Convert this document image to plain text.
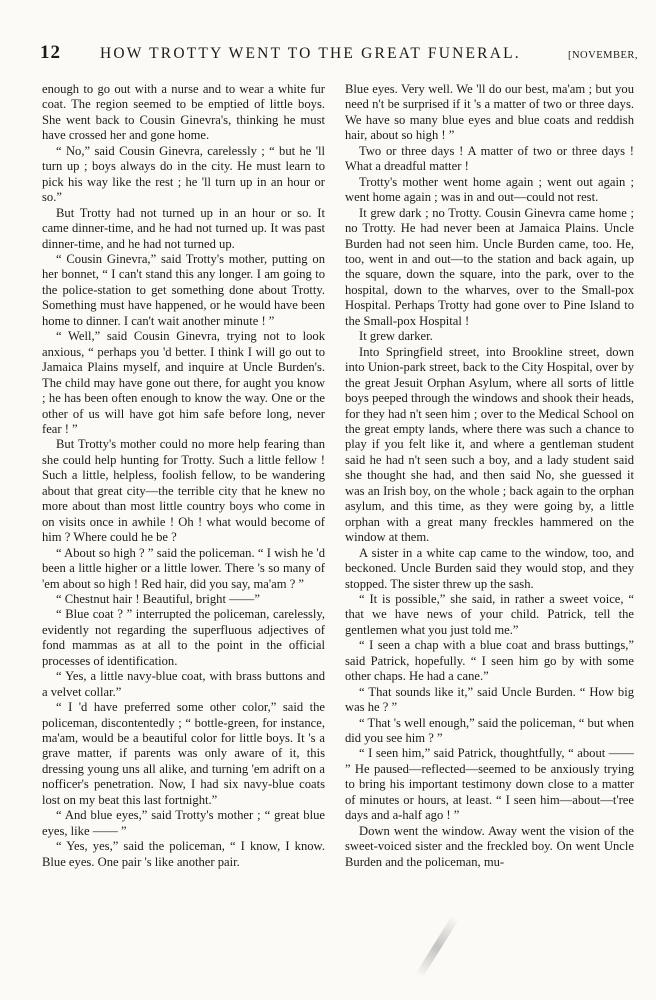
12	HOW TROTTY WENT TO THE GREAT FUNERAL.	[NOVEMBER,

enough to go out with a nurse and to wear a white fur coat. The region seemed to be emptied of little boys. She went back to Cousin Ginevra's, thinking he must have crossed her and gone home.

“ No,” said Cousin Ginevra, carelessly ; “ but he 'll turn up ; boys always do in the city. He must learn to pick his way like the rest ; he 'll turn up in an hour or so.”

But Trotty had not turned up in an hour or so. It came dinner-time, and he had not turned up. It was past dinner-time, and he had not turned up.

“ Cousin Ginevra,” said Trotty's mother, putting on her bonnet, “ I can't stand this any longer. I am going to the police-station to get something done about Trotty. Something must have happened, or he would have been home to dinner. I can't wait another minute ! ”

“ Well,” said Cousin Ginevra, trying not to look anxious, “ perhaps you 'd better. I think I will go out to Jamaica Plains myself, and inquire at Uncle Burden's. The child may have gone out there, for aught you know ; he has been often enough to know the way. One or the other of us will have got him safe before long, never fear ! ”

But Trotty's mother could no more help fearing than she could help hunting for Trotty. Such a little fellow ! Such a little, helpless, foolish fellow, to be wandering about that great city—the terrible city that he knew no more about than most little country boys who come in on visits once in awhile ! Oh ! what would become of him ? Where could he be ?

“ About so high ? ” said the policeman. “ I wish he 'd been a little higher or a little lower. There 's so many of 'em about so high ! Red hair, did you say, ma'am ? ”

“ Chestnut hair ! Beautiful, bright ——”

“ Blue coat ? ” interrupted the policeman, carelessly, evidently not regarding the superfluous adjectives of fond mammas as at all to the point in the official processes of identification.

“ Yes, a little navy-blue coat, with brass buttons and a velvet collar.”

“ I 'd have preferred some other color,” said the policeman, discontentedly ; “ bottle-green, for instance, ma'am, would be a beautiful color for little boys. It 's a grave matter, if parents was only aware of it, this dressing young uns all alike, and turning 'em adrift on a nofficer's penetration. Now, I had six navy-blue coats lost on my beat this last fortnight.”

“ And blue eyes,” said Trotty's mother ; “ great blue eyes, like —— ”

“ Yes, yes,” said the policeman, “ I know, I know. Blue eyes. One pair 's like another pair.

Blue eyes. Very well. We 'll do our best, ma'am ; but you need n't be surprised if it 's a matter of two or three days. We have so many blue eyes and blue coats and reddish hair, about so high ! ”

Two or three days ! A matter of two or three days ! What a dreadful matter !

Trotty's mother went home again ; went out again ; went home again ; was in and out—could not rest.

It grew dark ; no Trotty. Cousin Ginevra came home ; no Trotty. He had never been at Jamaica Plains. Uncle Burden had not seen him. Uncle Burden came, too. He, too, went in and out—to the station and back again, up the square, down the square, into the park, over to the hospital, down to the wharves, over to the Small-pox Hospital. Perhaps Trotty had gone over to Pine Island to the Small-pox Hospital !

It grew darker.

Into Springfield street, into Brookline street, down into Union-park street, back to the City Hospital, over by the great Jesuit Orphan Asylum, where all sorts of little boys peeped through the windows and shook their heads, for they had n't seen him ; over to the Medical School on the great empty lands, where there was such a chance to play if you felt like it, and where a gentleman student said he had n't seen such a boy, and a lady student said she thought she had, and then said No, she guessed it was an Irish boy, on the whole ; back again to the orphan asylum, and this time, as they were going by, a little orphan with a great many freckles hammered on the window at them.

A sister in a white cap came to the window, too, and beckoned. Uncle Burden said they would stop, and they stopped. The sister threw up the sash.

“ It is possible,” she said, in rather a sweet voice, “ that we have news of your child. Patrick, tell the gentlemen what you just told me.”

“ I seen a chap with a blue coat and brass buttings,” said Patrick, hopefully. “ I seen him go by with some other chaps. He had a cane.”

“ That sounds like it,” said Uncle Burden. “ How big was he ? ”

“ That 's well enough,” said the policeman, “ but when did you see him ? ”

“ I seen him,” said Patrick, thoughtfully, “ about —— ” He paused—reflected—seemed to be anxiously trying to bring his important testimony down close to a matter of minutes or hours, at least. “ I seen him—about—t'ree days and a-half ago ! ”

Down went the window. Away went the vision of the sweet-voiced sister and the freckled boy. On went Uncle Burden and the policeman, mu-
